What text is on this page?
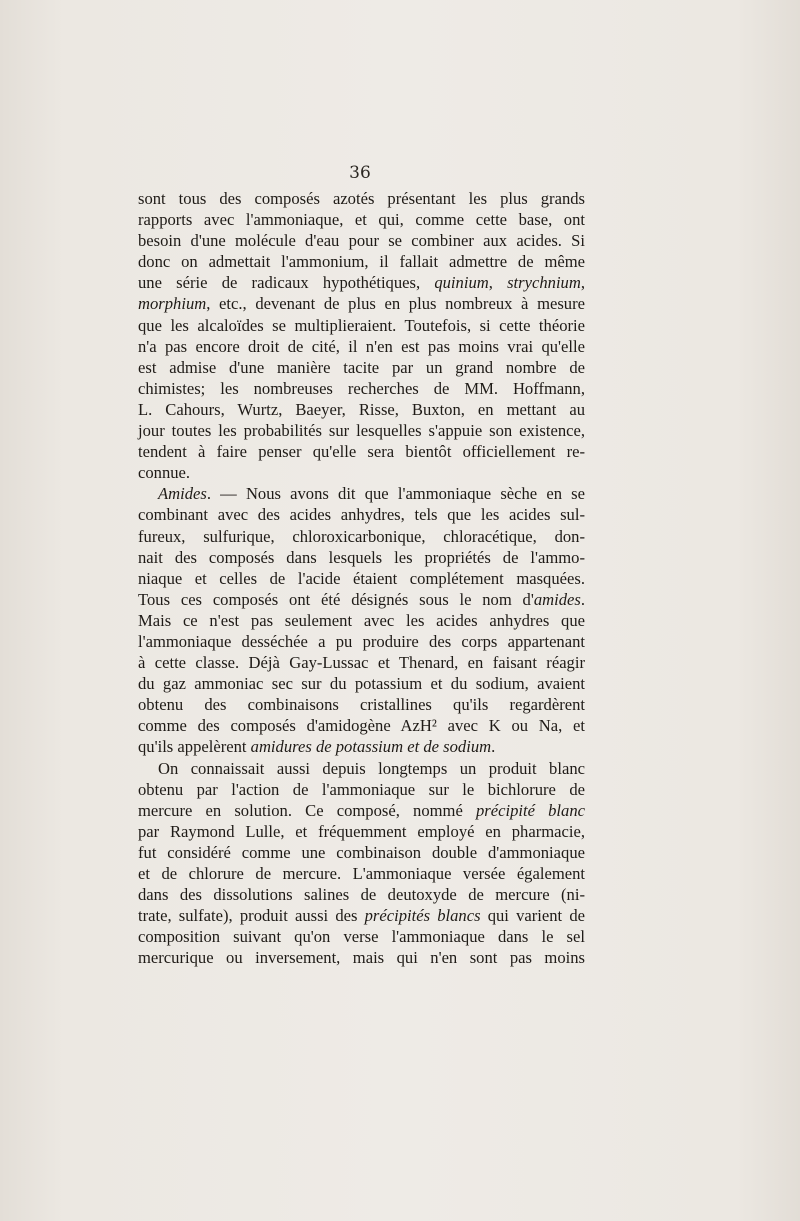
36
sont tous des composés azotés présentant les plus grands
rapports avec l'ammoniaque, et qui, comme cette base, ont
besoin d'une molécule d'eau pour se combiner aux acides. Si
donc on admettait l'ammonium, il fallait admettre de même
une série de radicaux hypothétiques, quinium, strychnium,
morphium, etc., devenant de plus en plus nombreux à mesure
que les alcaloïdes se multiplieraient. Toutefois, si cette théorie
n'a pas encore droit de cité, il n'en est pas moins vrai qu'elle
est admise d'une manière tacite par un grand nombre de
chimistes; les nombreuses recherches de MM. Hoffmann,
L. Cahours, Wurtz, Baeyer, Risse, Buxton, en mettant au
jour toutes les probabilités sur lesquelles s'appuie son existence,
tendent à faire penser qu'elle sera bientôt officiellement re-
connue.
Amides. — Nous avons dit que l'ammoniaque sèche en se
combinant avec des acides anhydres, tels que les acides sul-
fureux, sulfurique, chloroxicarbonique, chloracétique, don-
nait des composés dans lesquels les propriétés de l'ammo-
niaque et celles de l'acide étaient complétement masquées.
Tous ces composés ont été désignés sous le nom d'amides.
Mais ce n'est pas seulement avec les acides anhydres que
l'ammoniaque desséchée a pu produire des corps appartenant
à cette classe. Déjà Gay-Lussac et Thenard, en faisant réagir
du gaz ammoniac sec sur du potassium et du sodium, avaient
obtenu des combinaisons cristallines qu'ils regardèrent
comme des composés d'amidogène AzH² avec K ou Na, et
qu'ils appelèrent amidures de potassium et de sodium.
On connaissait aussi depuis longtemps un produit blanc
obtenu par l'action de l'ammoniaque sur le bichlorure de
mercure en solution. Ce composé, nommé précipité blanc
par Raymond Lulle, et fréquemment employé en pharmacie,
fut considéré comme une combinaison double d'ammoniaque
et de chlorure de mercure. L'ammoniaque versée également
dans des dissolutions salines de deutoxyde de mercure (ni-
trate, sulfate), produit aussi des précipités blancs qui varient de
composition suivant qu'on verse l'ammoniaque dans le sel
mercurique ou inversement, mais qui n'en sont pas moins
